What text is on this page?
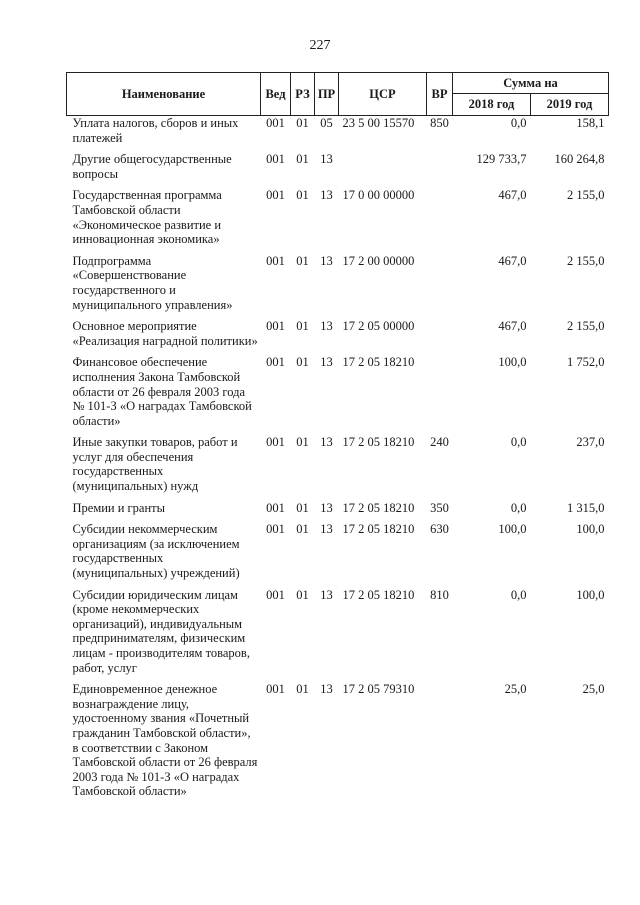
227
Наименование	Вед	РЗ	ПР	ЦСР	ВР	Сумма на	
						2018 год	2019 год
Уплата налогов, сборов и иных платежей	001	01	05	23 5 00 15570	850	0,0	158,1
Другие общегосударственные вопросы	001	01	13			129 733,7	160 264,8
Государственная программа Тамбовской области «Экономическое развитие и инновационная экономика»	001	01	13	17 0 00 00000		467,0	2 155,0
Подпрограмма «Совершенствование государственного и муниципального управления»	001	01	13	17 2 00 00000		467,0	2 155,0
Основное мероприятие «Реализация наградной политики»	001	01	13	17 2 05 00000		467,0	2 155,0
Финансовое обеспечение исполнения Закона Тамбовской области от 26 февраля 2003 года № 101-З «О наградах Тамбовской области»	001	01	13	17 2 05 18210		100,0	1 752,0
Иные закупки товаров, работ и услуг для обеспечения государственных (муниципальных) нужд	001	01	13	17 2 05 18210	240	0,0	237,0
Премии и гранты	001	01	13	17 2 05 18210	350	0,0	1 315,0
Субсидии некоммерческим организациям (за исключением государственных (муниципальных) учреждений)	001	01	13	17 2 05 18210	630	100,0	100,0
Субсидии юридическим лицам (кроме некоммерческих организаций), индивидуальным предпринимателям, физическим лицам - производителям товаров, работ, услуг	001	01	13	17 2 05 18210	810	0,0	100,0
Единовременное денежное вознаграждение лицу, удостоенному звания «Почетный гражданин Тамбовской области», в соответствии с Законом Тамбовской области от 26 февраля 2003 года № 101-З «О наградах Тамбовской области»	001	01	13	17 2 05 79310		25,0	25,0
